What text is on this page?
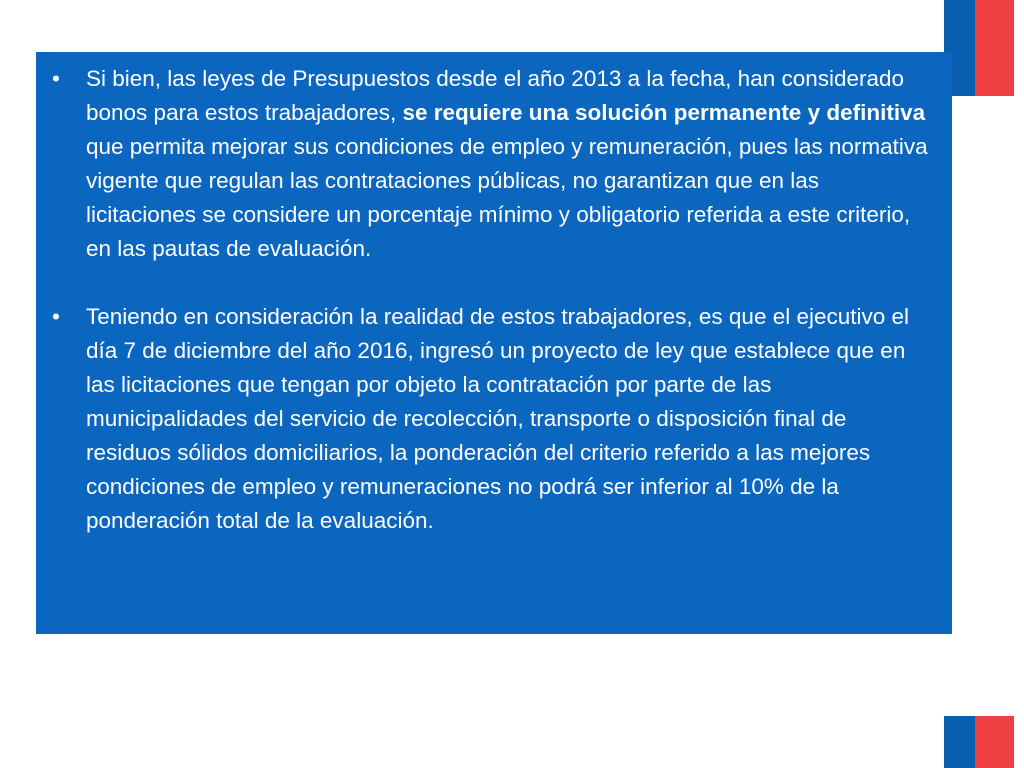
• Si bien, las leyes de Presupuestos desde el año 2013 a la fecha, han considerado bonos para estos trabajadores, se requiere una solución permanente y definitiva que permita mejorar sus condiciones de empleo y remuneración, pues las normativa vigente que regulan las contrataciones públicas, no garantizan que en las licitaciones se considere un porcentaje mínimo y obligatorio referida a este criterio, en las pautas de evaluación.

• Teniendo en consideración la realidad de estos trabajadores, es que el ejecutivo el día 7 de diciembre del año 2016, ingresó un proyecto de ley que establece que en las licitaciones que tengan por objeto la contratación por parte de las municipalidades del servicio de recolección, transporte o disposición final de residuos sólidos domiciliarios, la ponderación del criterio referido a las mejores condiciones de empleo y remuneraciones no podrá ser inferior al 10% de la ponderación total de la evaluación.
